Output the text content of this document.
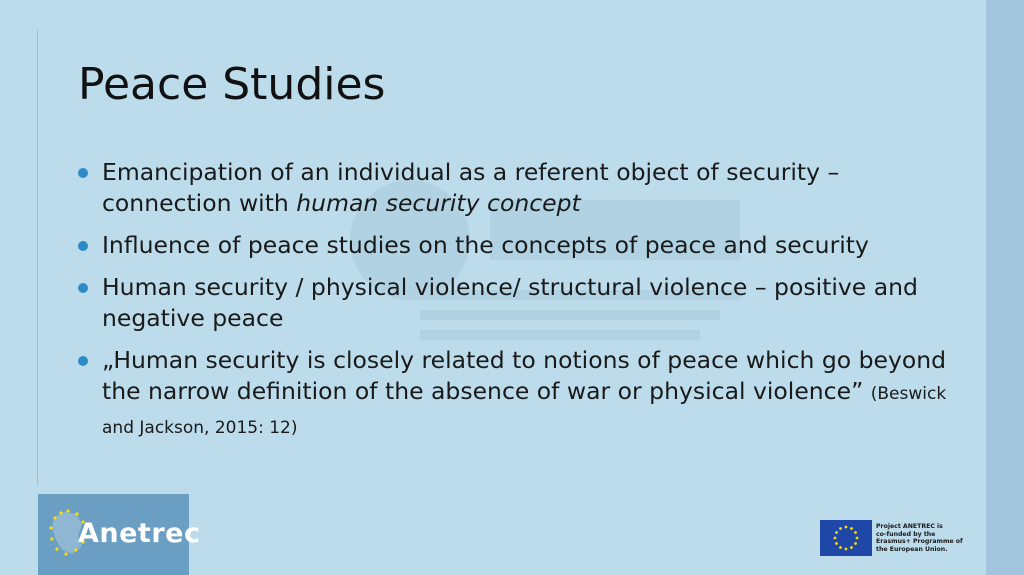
Peace Studies
Emancipation of an individual as a referent object of security – connection with human security concept
Influence of peace studies on the concepts of peace and security
Human security / physical violence/ structural violence – positive and negative peace
„Human security is closely related to notions of peace which go beyond the narrow definition of the absence of war or physical violence” (Beswick and Jackson, 2015: 12)
Anetrec	Project ANETREC is
co-funded by the
Erasmus+ Programme of
the European Union.
